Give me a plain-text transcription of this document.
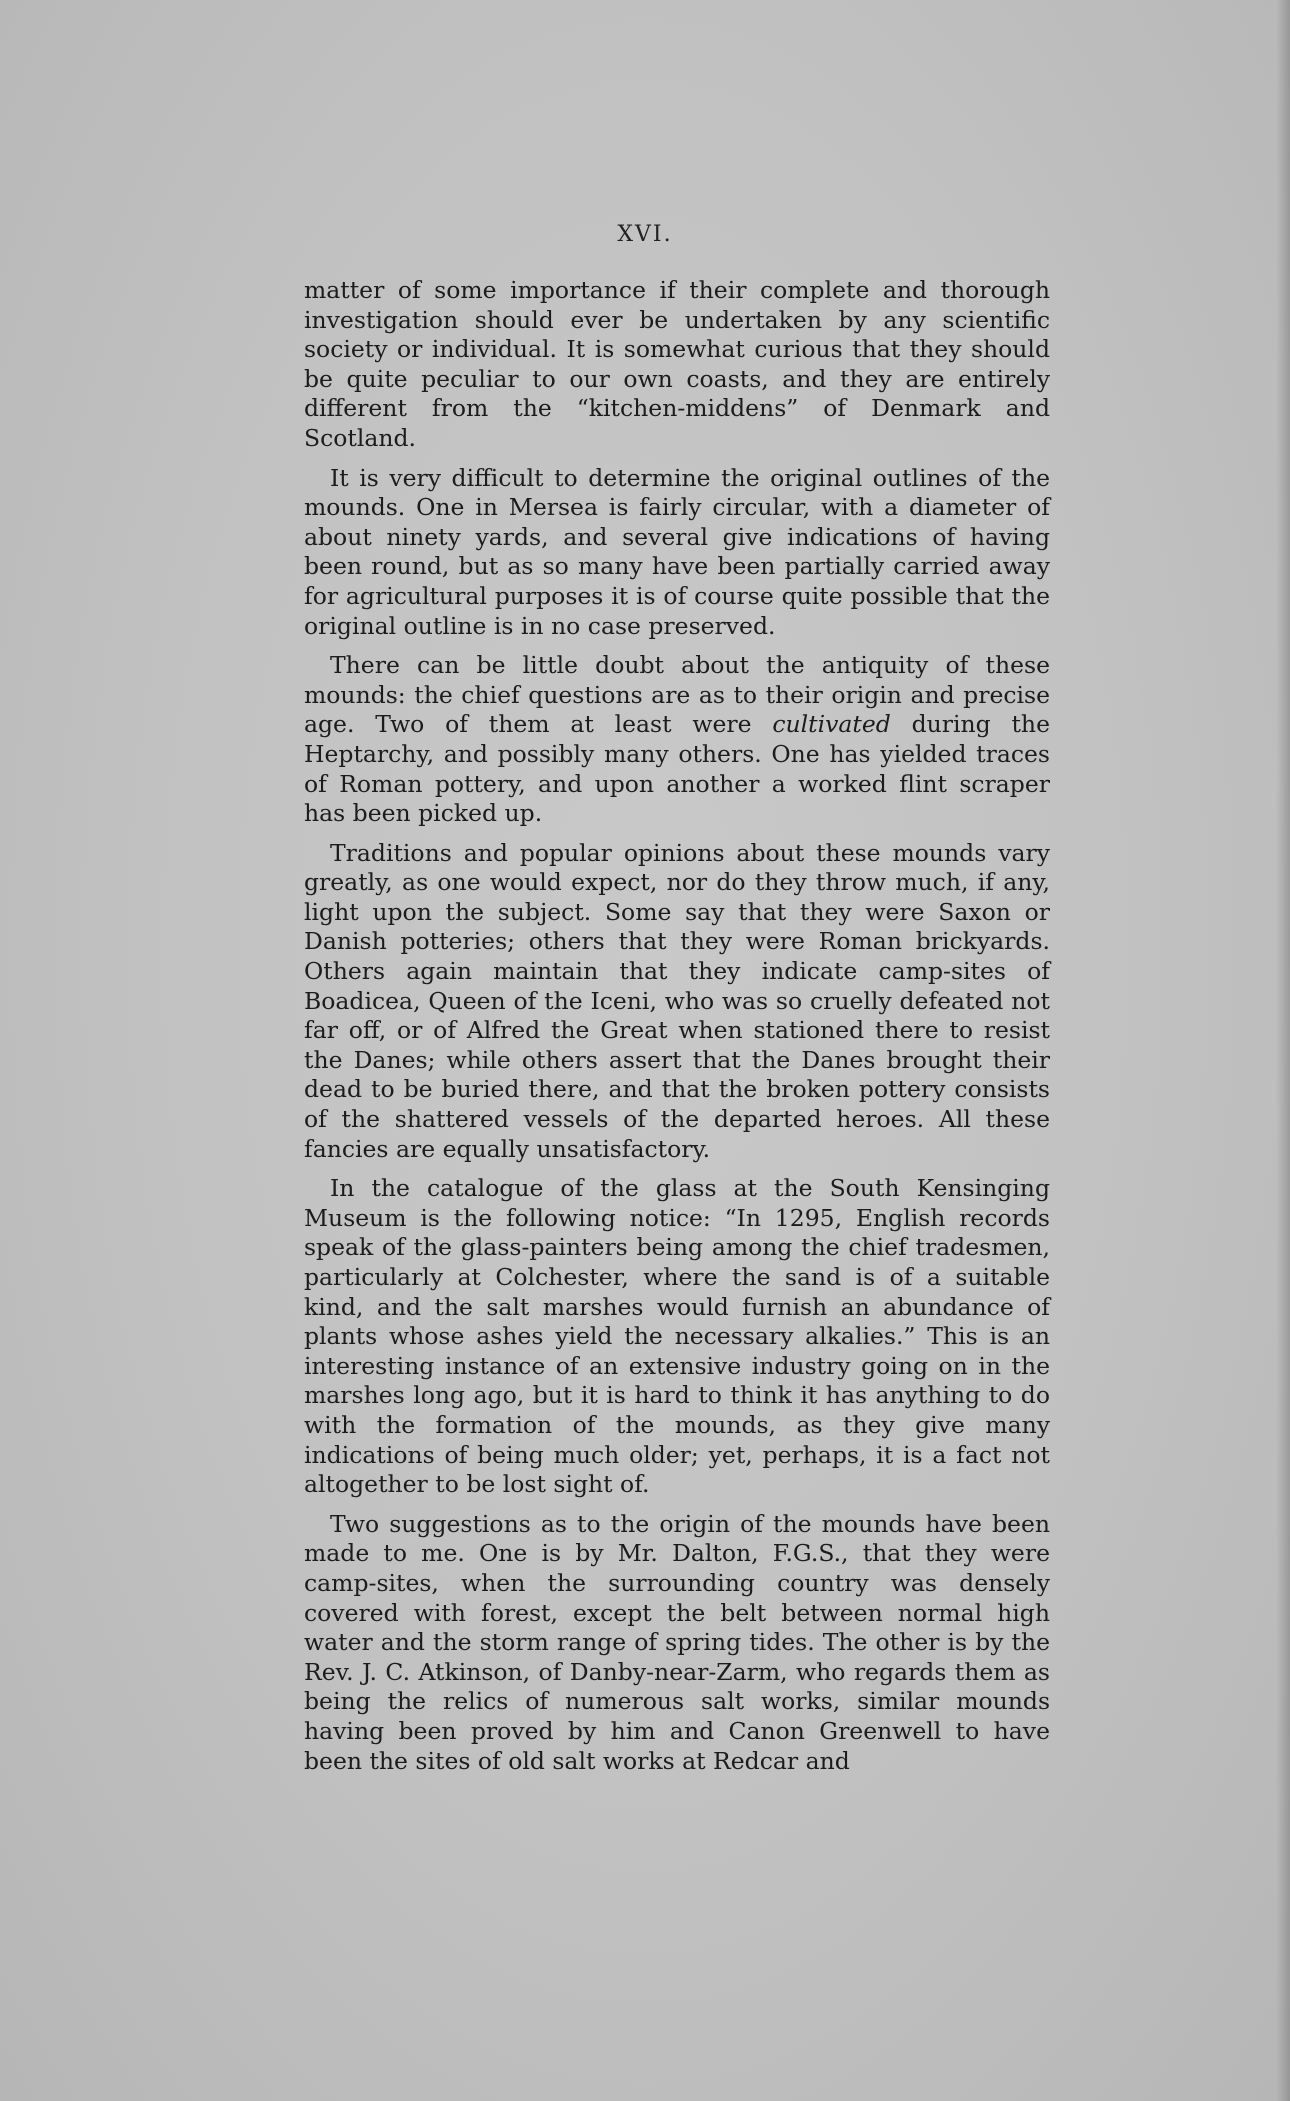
XVI.

matter of some importance if their complete and thorough investigation should ever be undertaken by any scientific society or individual. It is somewhat curious that they should be quite peculiar to our own coasts, and they are entirely different from the “kitchen-middens” of Denmark and Scotland.

It is very difficult to determine the original outlines of the mounds. One in Mersea is fairly circular, with a diameter of about ninety yards, and several give indications of having been round, but as so many have been partially carried away for agricultural purposes it is of course quite possible that the original outline is in no case preserved.

There can be little doubt about the antiquity of these mounds: the chief questions are as to their origin and precise age. Two of them at least were cultivated during the Heptarchy, and possibly many others. One has yielded traces of Roman pottery, and upon another a worked flint scraper has been picked up.

Traditions and popular opinions about these mounds vary greatly, as one would expect, nor do they throw much, if any, light upon the subject. Some say that they were Saxon or Danish potteries; others that they were Roman brickyards. Others again maintain that they indicate camp-sites of Boadicea, Queen of the Iceni, who was so cruelly defeated not far off, or of Alfred the Great when stationed there to resist the Danes; while others assert that the Danes brought their dead to be buried there, and that the broken pottery consists of the shattered vessels of the departed heroes. All these fancies are equally unsatisfactory.

In the catalogue of the glass at the South Kensinging Museum is the following notice: “In 1295, English records speak of the glass-painters being among the chief tradesmen, particularly at Colchester, where the sand is of a suitable kind, and the salt marshes would furnish an abundance of plants whose ashes yield the necessary alkalies.” This is an interesting instance of an extensive industry going on in the marshes long ago, but it is hard to think it has anything to do with the formation of the mounds, as they give many indications of being much older; yet, perhaps, it is a fact not altogether to be lost sight of.

Two suggestions as to the origin of the mounds have been made to me. One is by Mr. Dalton, F.G.S., that they were camp-sites, when the surrounding country was densely covered with forest, except the belt between normal high water and the storm range of spring tides. The other is by the Rev. J. C. Atkinson, of Danby-near-Zarm, who regards them as being the relics of numerous salt works, similar mounds having been proved by him and Canon Greenwell to have been the sites of old salt works at Redcar and
